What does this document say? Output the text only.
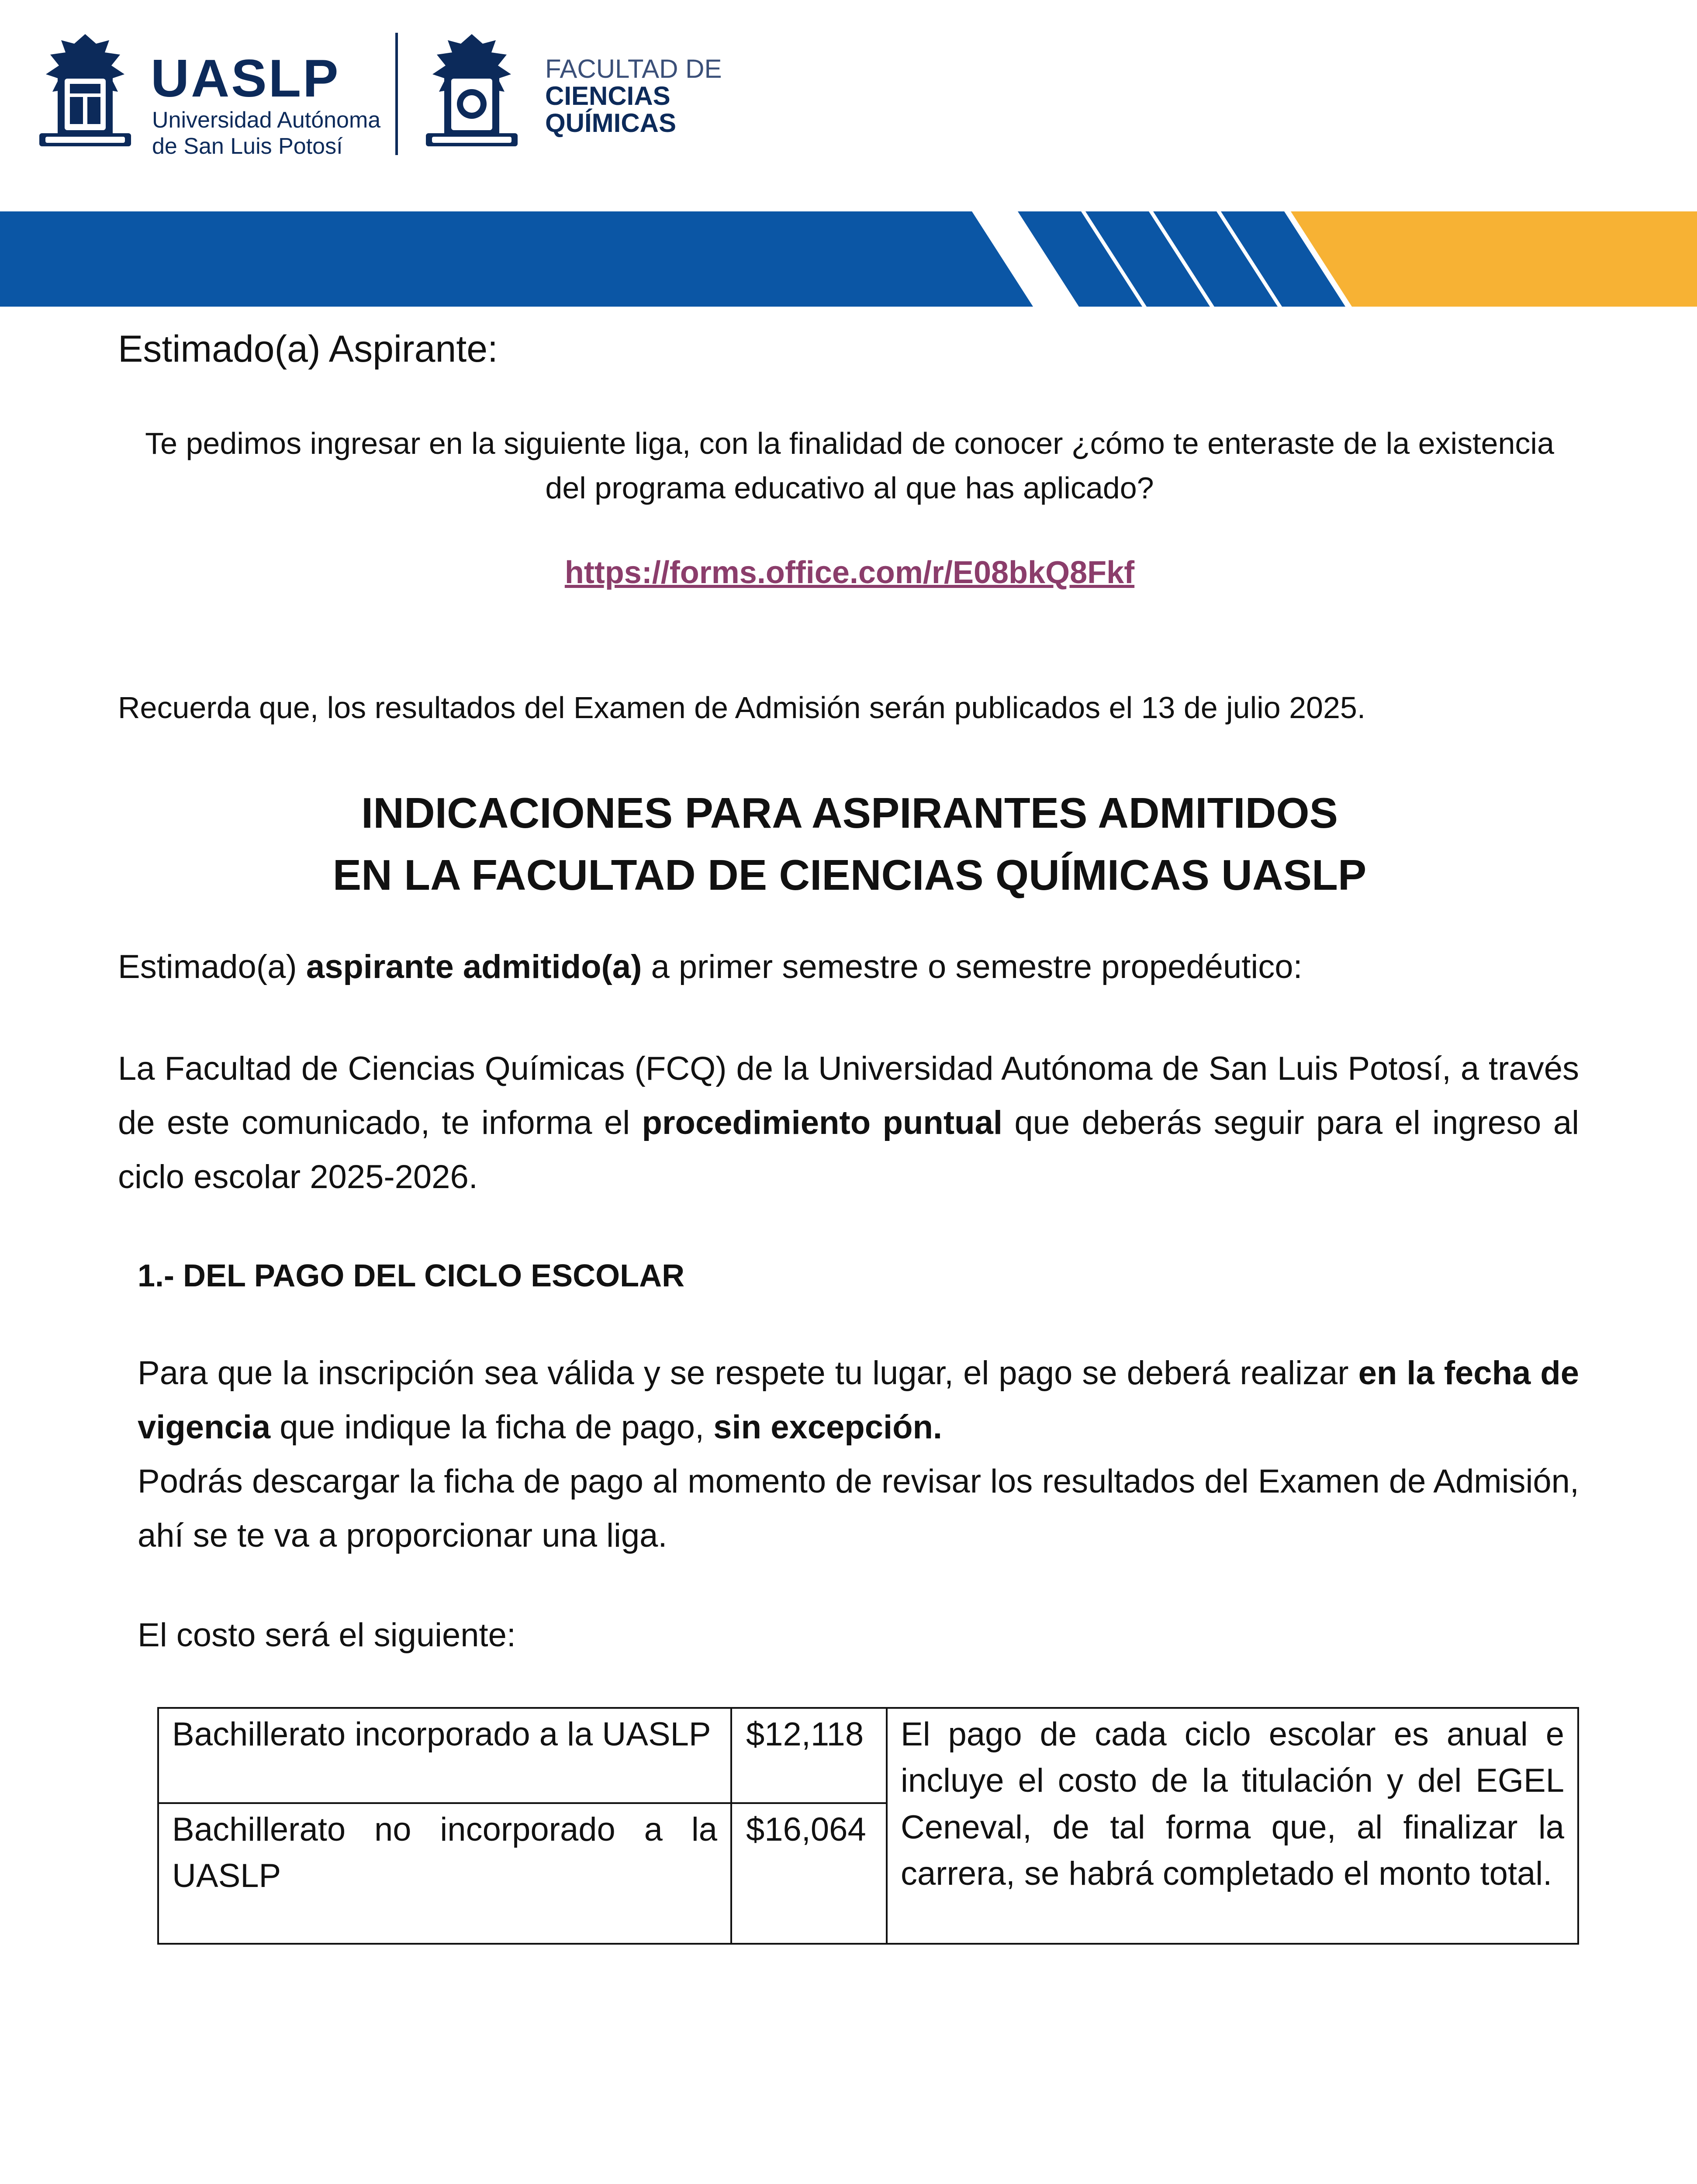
UASLP
Universidad Autónoma
de San Luis Potosí
FACULTAD DE
CIENCIAS
QUÍMICAS
Estimado(a) Aspirante:
Te pedimos ingresar en la siguiente liga, con la finalidad de conocer ¿cómo te enteraste de la existencia del programa educativo al que has aplicado?
https://forms.office.com/r/E08bkQ8Fkf
Recuerda que, los resultados del Examen de Admisión serán publicados el 13 de julio 2025.
INDICACIONES PARA ASPIRANTES ADMITIDOS
EN LA FACULTAD DE CIENCIAS QUÍMICAS UASLP
Estimado(a) aspirante admitido(a) a primer semestre o semestre propedéutico:
La Facultad de Ciencias Químicas (FCQ) de la Universidad Autónoma de San Luis Potosí, a través de este comunicado, te informa el procedimiento puntual que deberás seguir para el ingreso al ciclo escolar 2025-2026.
1.- DEL PAGO DEL CICLO ESCOLAR
Para que la inscripción sea válida y se respete tu lugar, el pago se deberá realizar en la fecha de vigencia que indique la ficha de pago, sin excepción.
Podrás descargar la ficha de pago al momento de revisar los resultados del Examen de Admisión, ahí se te va a proporcionar una liga.
El costo será el siguiente:
Bachillerato incorporado a la UASLP	$12,118	El pago de cada ciclo escolar es anual e incluye el costo de la titulación y del EGEL Ceneval, de tal forma que, al finalizar la carrera, se habrá completado el monto total.
Bachillerato no incorporado a la UASLP	$16,064	
